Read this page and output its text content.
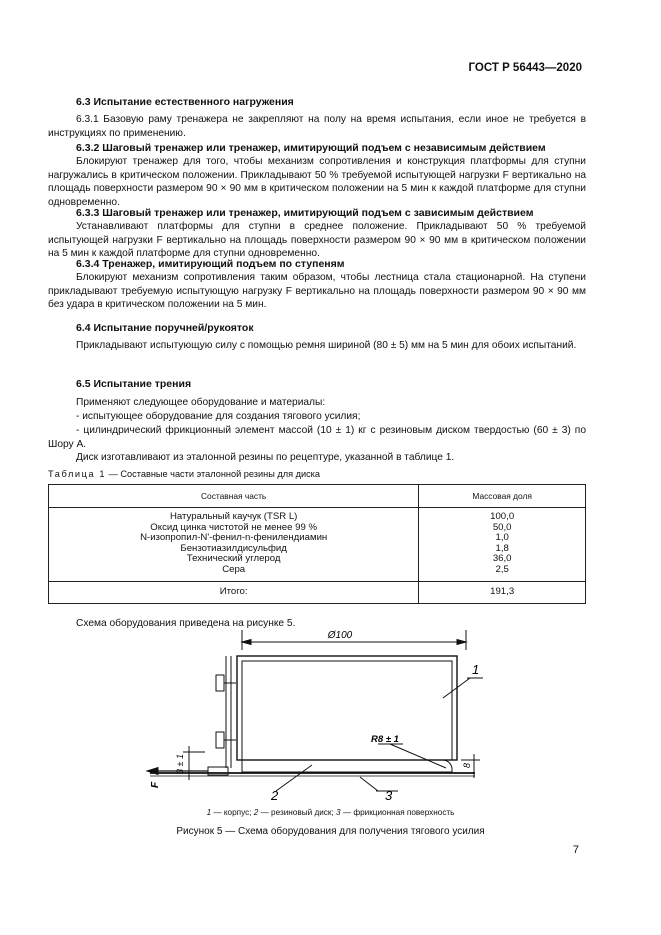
ГОСТ Р 56443—2020
6.3 Испытание естественного нагружения
6.3.1 Базовую раму тренажера не закрепляют на полу на время испытания, если иное не требуется в инструкциях по применению.
6.3.2 Шаговый тренажер или тренажер, имитирующий подъем с независимым действием
Блокируют тренажер для того, чтобы механизм сопротивления и конструкция платформы для ступни нагружались в критическом положении. Прикладывают 50 % требуемой испытующей нагрузки F вертикально на площадь поверхности размером 90 × 90 мм в критическом положении на 5 мин к каждой платформе для ступни одновременно.
6.3.3 Шаговый тренажер или тренажер, имитирующий подъем с зависимым действием
Устанавливают платформы для ступни в среднее положение. Прикладывают 50 % требуемой испытующей нагрузки F вертикально на площадь поверхности размером 90 × 90 мм в критическом положении на 5 мин к каждой платформе для ступни одновременно.
6.3.4 Тренажер, имитирующий подъем по ступеням
Блокируют механизм сопротивления таким образом, чтобы лестница стала стационарной. На ступени прикладывают требуемую испытующую нагрузку F вертикально на площадь поверхности размером 90 × 90 мм без удара в критическом положении на 5 мин.
6.4 Испытание поручней/рукояток
Прикладывают испытующую силу с помощью ремня шириной (80 ± 5) мм на 5 мин для обоих испытаний.
6.5 Испытание трения
Применяют следующее оборудование и материалы:
- испытующее оборудование для создания тягового усилия;
- цилиндрический фрикционный элемент массой (10 ± 1) кг с резиновым диском твердостью (60 ± 3) по Шору А.
Диск изготавливают из эталонной резины по рецептуре, указанной в таблице 1.
Таблица 1 — Составные части эталонной резины для диска
Составная часть	Массовая доля
Натуральный каучук (TSR L)	100,0
Оксид цинка чистотой не менее 99 %	50,0
N-изопропил-N'-фенил-n-фенилендиамин	1,0
Бензотиазилдисульфид	1,8
Технический углерод	36,0
Сера	2,5
Итого:	191,3
Схема оборудования приведена на рисунке 5.
Ø100
R8 ± 1
3 ± 1	8
F
1
2	3
1 — корпус; 2 — резиновый диск; 3 — фрикционная поверхность
Рисунок 5 — Схема оборудования для получения тягового усилия
7
